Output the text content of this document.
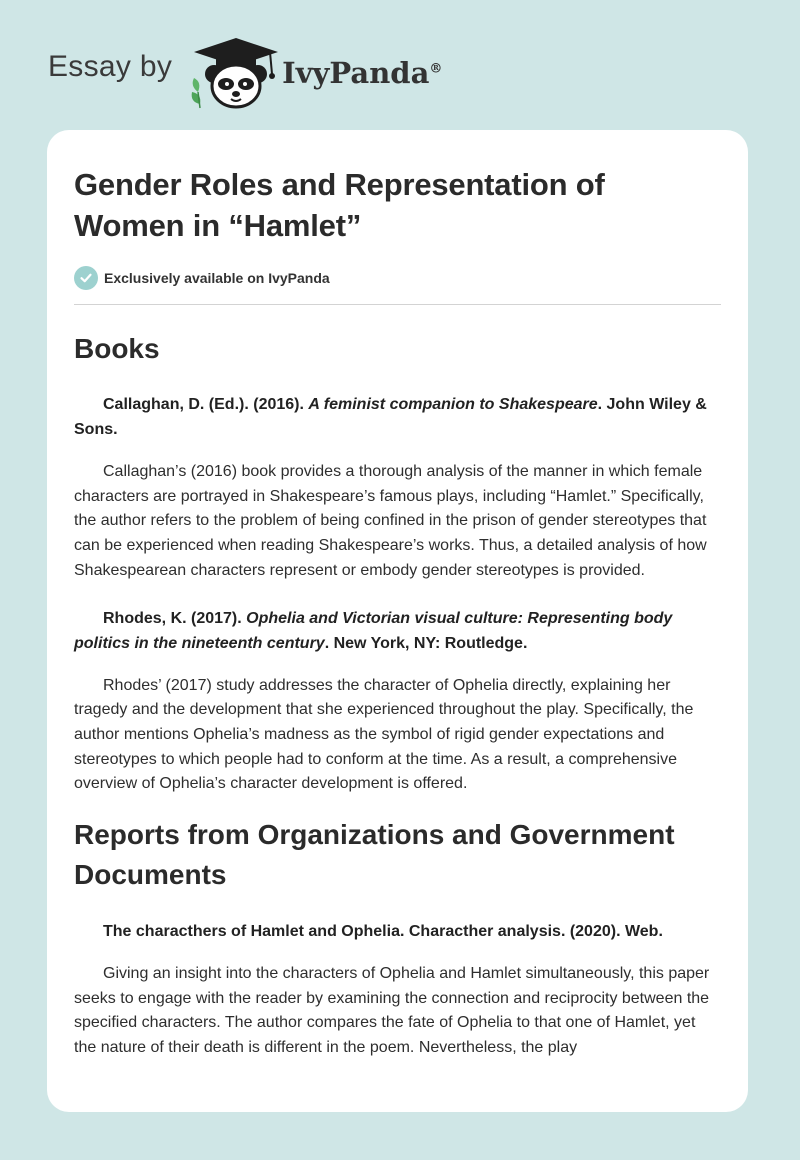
Essay by	IvyPanda®
Gender Roles and Representation of Women in “Hamlet”
Exclusively available on IvyPanda
Books

Callaghan, D. (Ed.). (2016). A feminist companion to Shakespeare. John Wiley & Sons.

Callaghan’s (2016) book provides a thorough analysis of the manner in which female characters are portrayed in Shakespeare’s famous plays, including “Hamlet.” Specifically, the author refers to the problem of being confined in the prison of gender stereotypes that can be experienced when reading Shakespeare’s works. Thus, a detailed analysis of how Shakespearean characters represent or embody gender stereotypes is provided.

Rhodes, K. (2017). Ophelia and Victorian visual culture: Representing body politics in the nineteenth century. New York, NY: Routledge.

Rhodes’ (2017) study addresses the character of Ophelia directly, explaining her tragedy and the development that she experienced throughout the play. Specifically, the author mentions Ophelia’s madness as the symbol of rigid gender expectations and stereotypes to which people had to conform at the time. As a result, a comprehensive overview of Ophelia’s character development is offered.

Reports from Organizations and Government Documents

The characthers of Hamlet and Ophelia. Characther analysis. (2020). Web.

Giving an insight into the characters of Ophelia and Hamlet simultaneously, this paper seeks to engage with the reader by examining the connection and reciprocity between the specified characters. The author compares the fate of Ophelia to that one of Hamlet, yet the nature of their death is different in the poem. Nevertheless, the play
